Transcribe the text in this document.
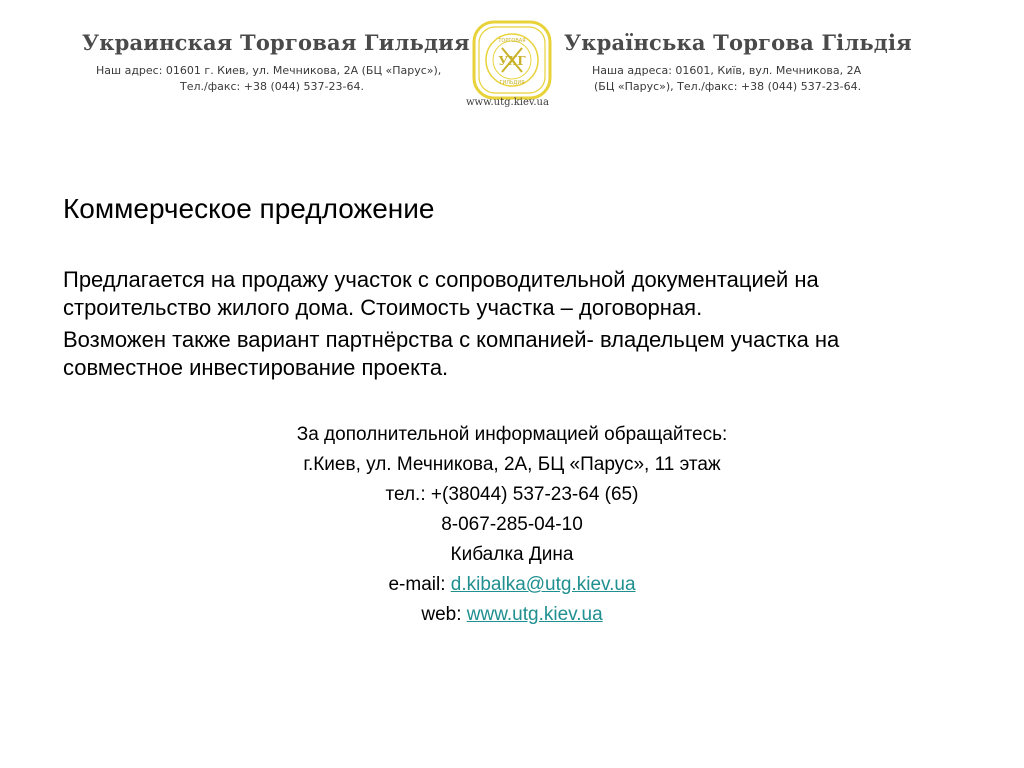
Украинская Торговая Гильдия
Наш адрес: 01601 г. Киев, ул. Мечникова, 2А (БЦ «Парус»),
Тел./факс: +38 (044) 537-23-64.
УХГ
ТОРГОВАЯ
ГИЛЬДИЯ
www.utg.kiev.ua
Українська Торгова Гільдія
Наша адреса: 01601, Київ, вул. Мечникова, 2А
(БЦ «Парус»), Тел./факс: +38 (044) 537-23-64.
Коммерческое предложение
Предлагается на продажу участок с сопроводительной документацией на строительство жилого дома. Стоимость участка – договорная.
Возможен также вариант партнёрства с компанией- владельцем участка на совместное инвестирование проекта.
За дополнительной информацией обращайтесь:
г.Киев, ул. Мечникова, 2А, БЦ «Парус», 11 этаж
тел.: +(38044) 537-23-64 (65)
8-067-285-04-10
Кибалка Дина
e-mail: d.kibalka@utg.kiev.ua
web: www.utg.kiev.ua
